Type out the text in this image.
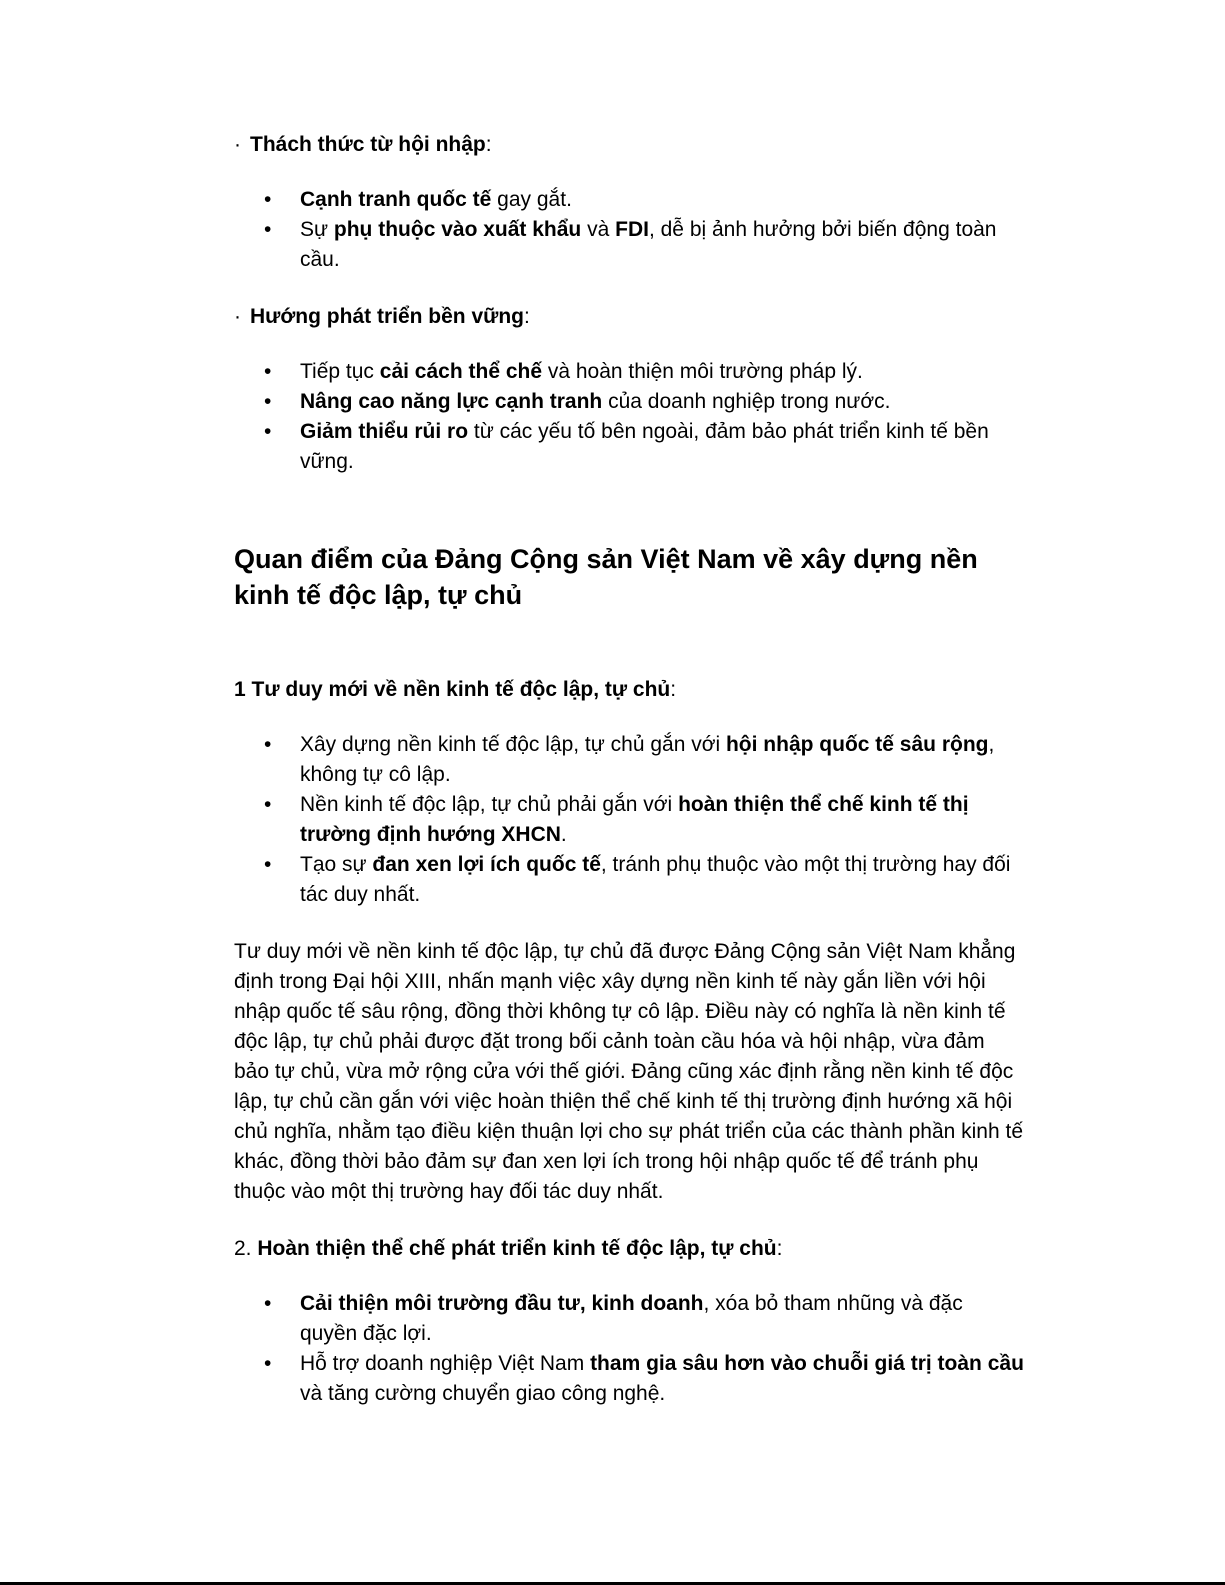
· Thách thức từ hội nhập:

• Cạnh tranh quốc tế gay gắt.
• Sự phụ thuộc vào xuất khẩu và FDI, dễ bị ảnh hưởng bởi biến động toàn cầu.

· Hướng phát triển bền vững:

• Tiếp tục cải cách thể chế và hoàn thiện môi trường pháp lý.
• Nâng cao năng lực cạnh tranh của doanh nghiệp trong nước.
• Giảm thiểu rủi ro từ các yếu tố bên ngoài, đảm bảo phát triển kinh tế bền vững.
Quan điểm của Đảng Cộng sản Việt Nam về xây dựng nền kinh tế độc lập, tự chủ

1 Tư duy mới về nền kinh tế độc lập, tự chủ:

• Xây dựng nền kinh tế độc lập, tự chủ gắn với hội nhập quốc tế sâu rộng, không tự cô lập.
• Nền kinh tế độc lập, tự chủ phải gắn với hoàn thiện thể chế kinh tế thị trường định hướng XHCN.
• Tạo sự đan xen lợi ích quốc tế, tránh phụ thuộc vào một thị trường hay đối tác duy nhất.

Tư duy mới về nền kinh tế độc lập, tự chủ đã được Đảng Cộng sản Việt Nam khẳng định trong Đại hội XIII, nhấn mạnh việc xây dựng nền kinh tế này gắn liền với hội nhập quốc tế sâu rộng, đồng thời không tự cô lập. Điều này có nghĩa là nền kinh tế độc lập, tự chủ phải được đặt trong bối cảnh toàn cầu hóa và hội nhập, vừa đảm bảo tự chủ, vừa mở rộng cửa với thế giới. Đảng cũng xác định rằng nền kinh tế độc lập, tự chủ cần gắn với việc hoàn thiện thể chế kinh tế thị trường định hướng xã hội chủ nghĩa, nhằm tạo điều kiện thuận lợi cho sự phát triển của các thành phần kinh tế khác, đồng thời bảo đảm sự đan xen lợi ích trong hội nhập quốc tế để tránh phụ thuộc vào một thị trường hay đối tác duy nhất.

2. Hoàn thiện thể chế phát triển kinh tế độc lập, tự chủ:

• Cải thiện môi trường đầu tư, kinh doanh, xóa bỏ tham nhũng và đặc quyền đặc lợi.
• Hỗ trợ doanh nghiệp Việt Nam tham gia sâu hơn vào chuỗi giá trị toàn cầu và tăng cường chuyển giao công nghệ.
